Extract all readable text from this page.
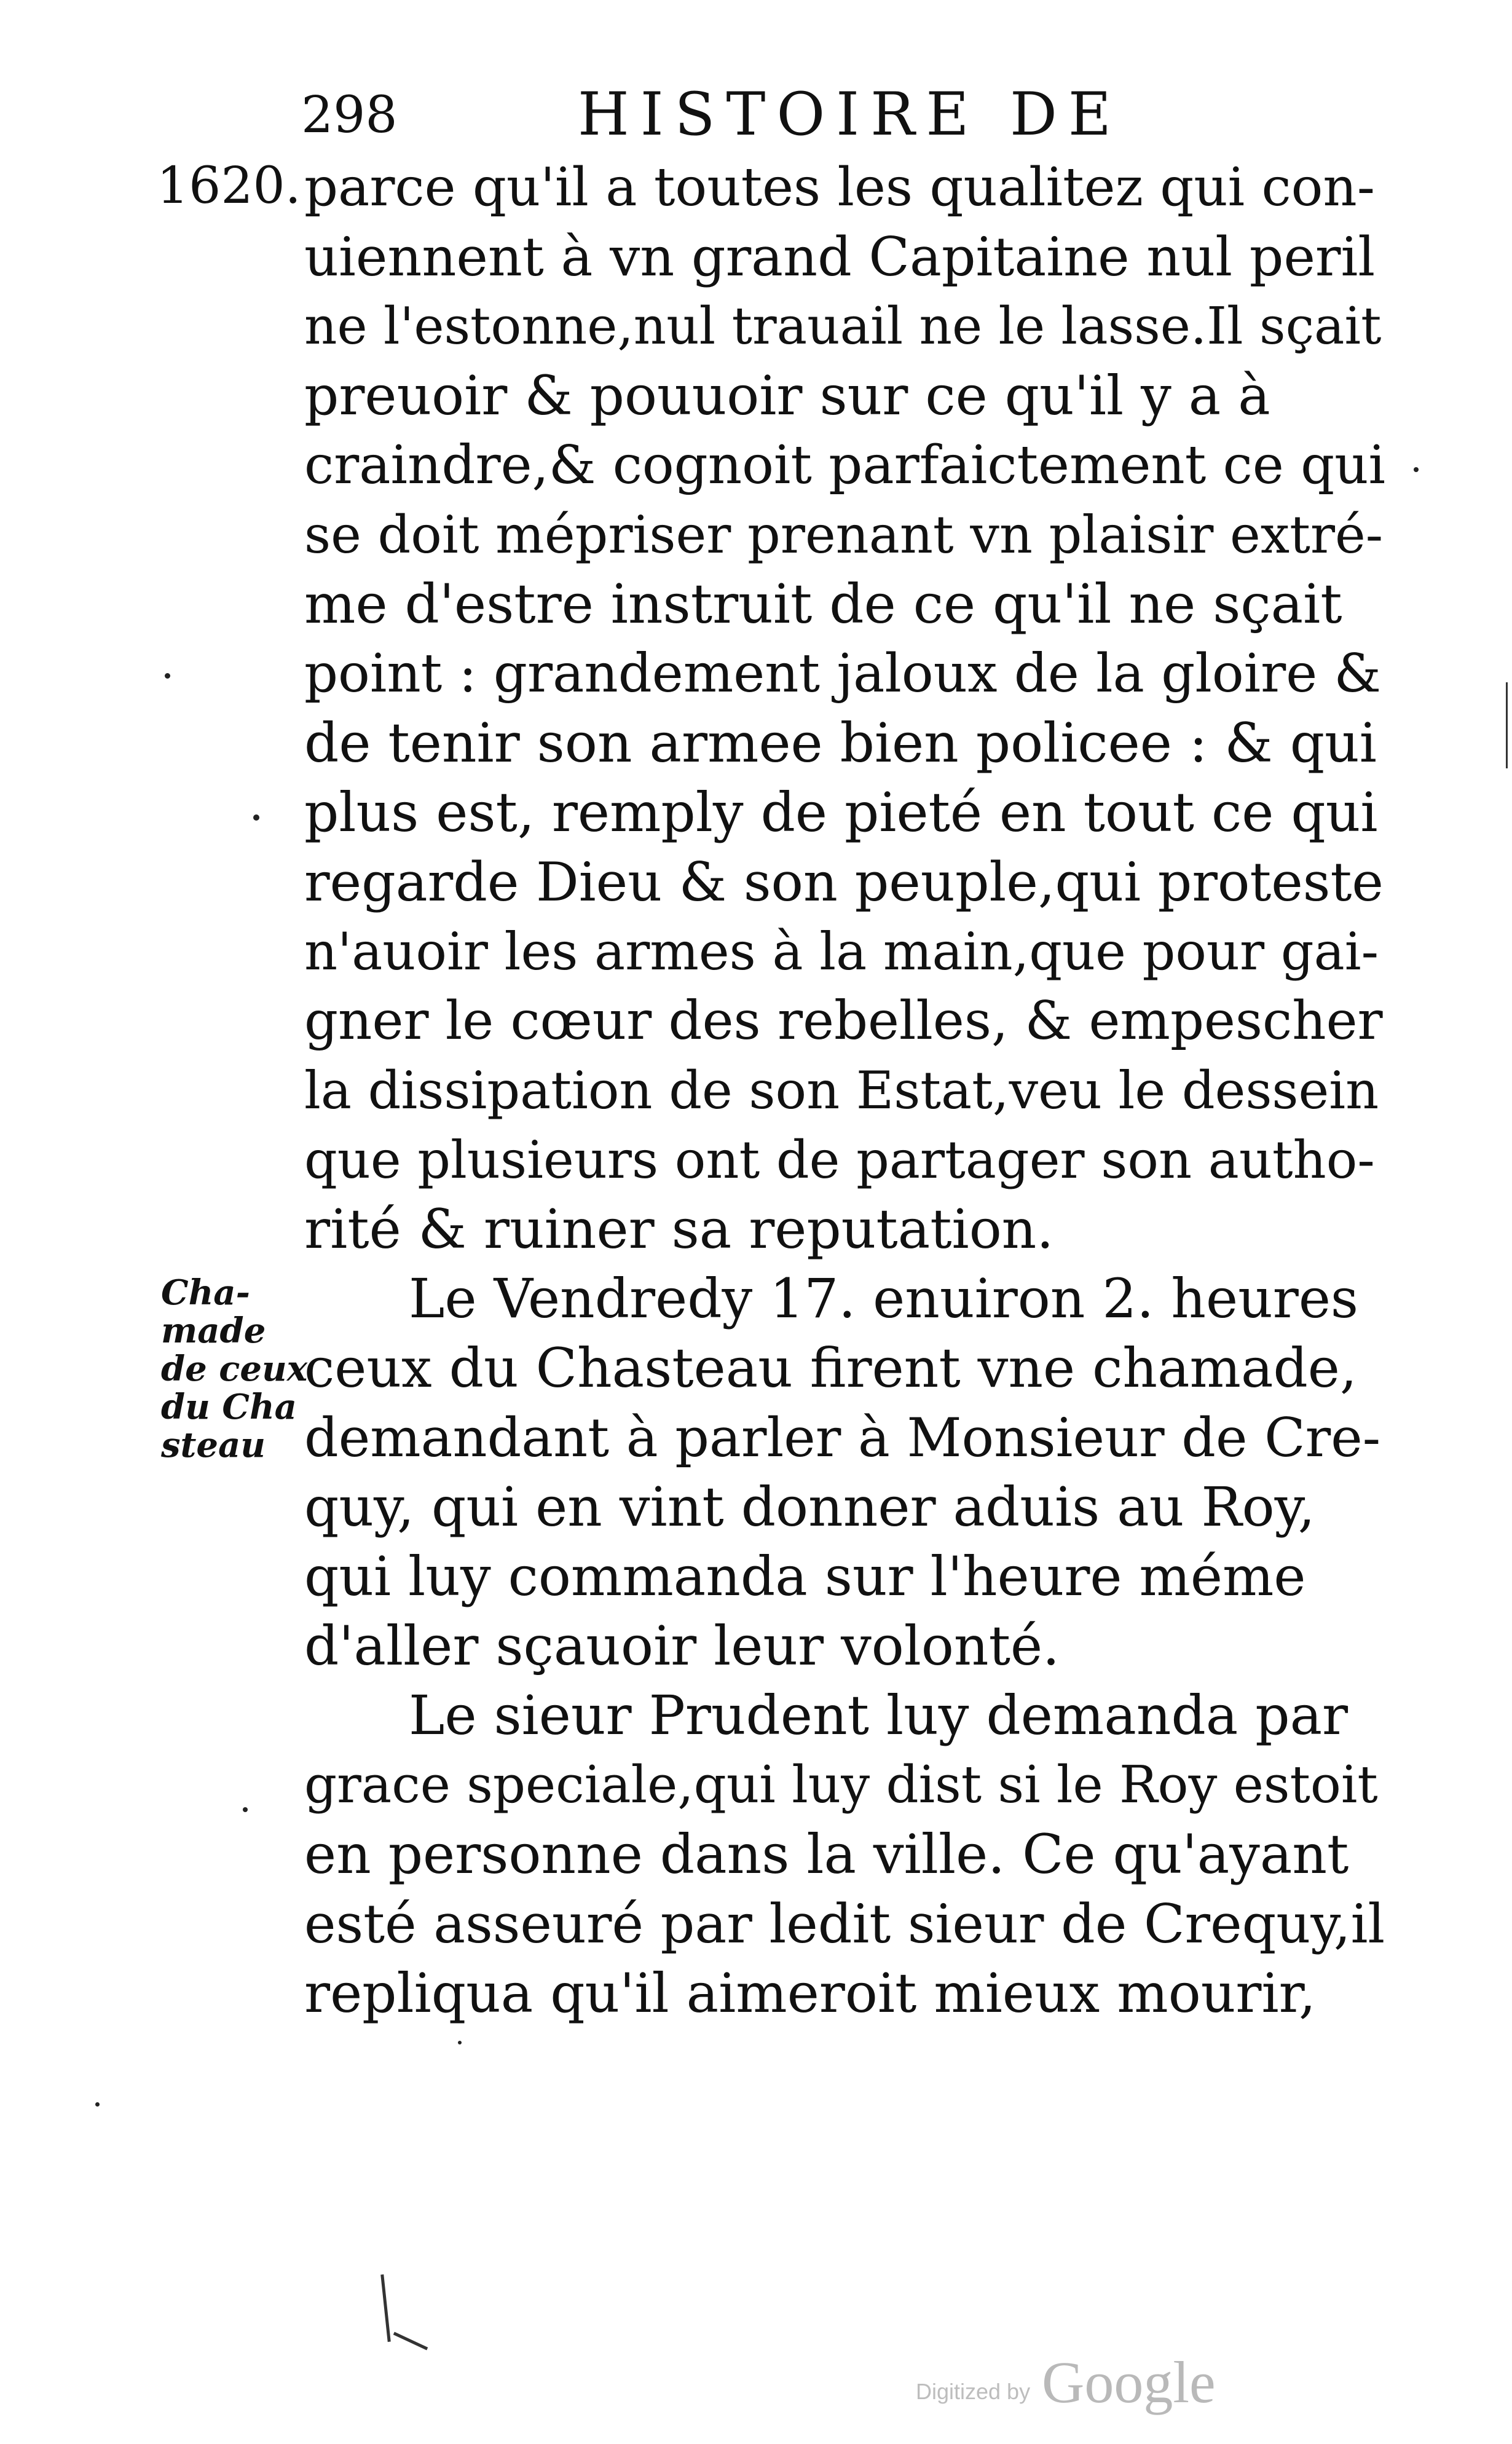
298	HISTOIRE DE
1620.
Cha-
made
de ceux
du Cha
steau
parce qu'il a toutes les qualitez qui con-
uiennent à vn grand Capitaine nul peril
ne l'estonne,nul trauail ne le lasse.Il sçait
preuoir & pouuoir sur ce qu'il y a à
craindre,& cognoit parfaictement ce qui
se doit mépriser prenant vn plaisir extré-
me d'estre instruit de ce qu'il ne sçait
point : grandement jaloux de la gloire &
de tenir son armee bien policee : & qui
plus est, remply de pieté en tout ce qui
regarde Dieu & son peuple,qui proteste
n'auoir les armes à la main,que pour gai-
gner le cœur des rebelles, & empescher
la dissipation de son Estat,veu le dessein
que plusieurs ont de partager son autho-
rité & ruiner sa reputation.
Le Vendredy 17. enuiron 2. heures
ceux du Chasteau firent vne chamade,
demandant à parler à Monsieur de Cre-
quy, qui en vint donner aduis au Roy,
qui luy commanda sur l'heure méme
d'aller sçauoir leur volonté.
Le sieur Prudent luy demanda par
grace speciale,qui luy dist si le Roy estoit
en personne dans la ville. Ce qu'ayant
esté asseuré par ledit sieur de Crequy,il
repliqua qu'il aimeroit mieux mourir,
Digitized by Google
